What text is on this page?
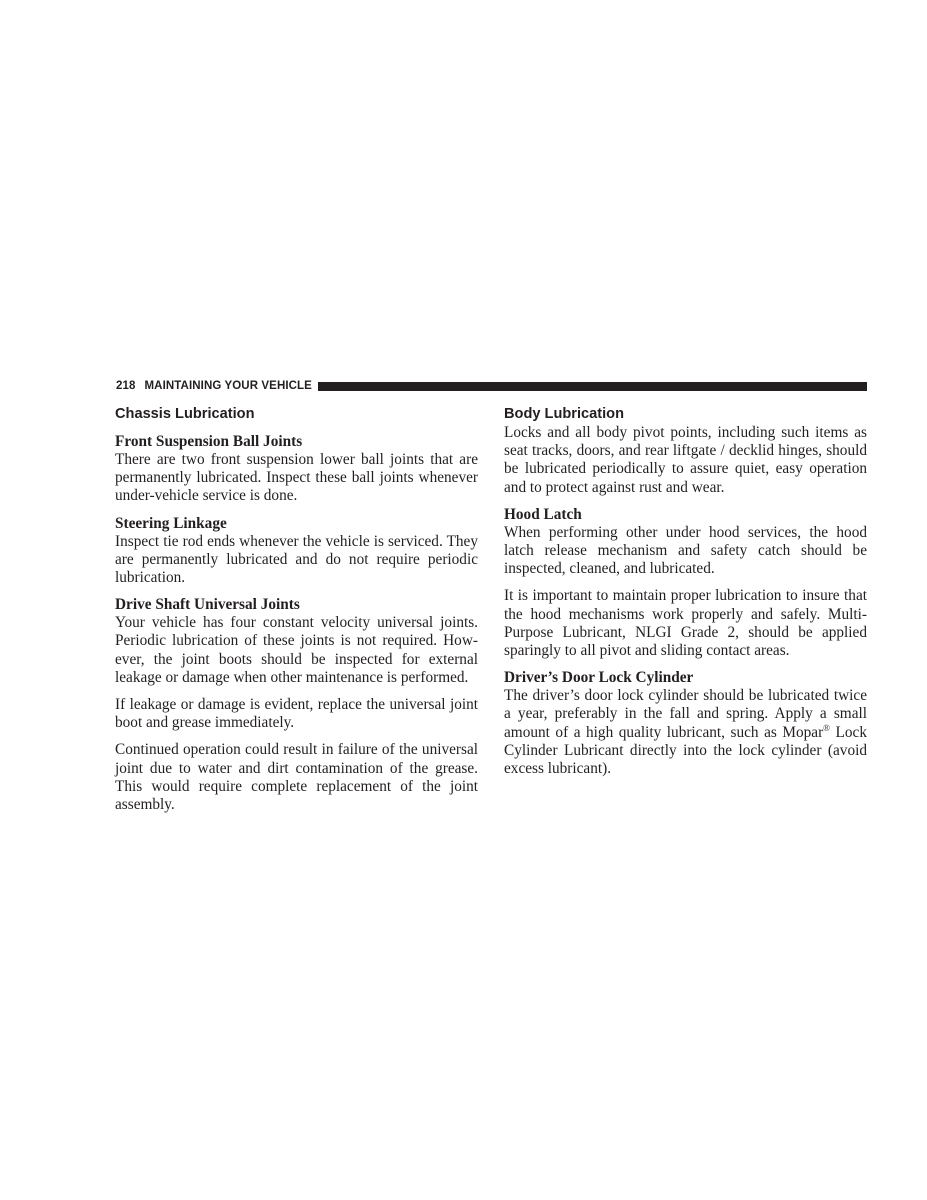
218 MAINTAINING YOUR VEHICLE
Chassis Lubrication
Front Suspension Ball Joints

There are two front suspension lower ball joints that are permanently lubricated. Inspect these ball joints whenever under-vehicle service is done.

Steering Linkage

Inspect tie rod ends whenever the vehicle is serviced. They are permanently lubricated and do not require periodic lubrication.

Drive Shaft Universal Joints

Your vehicle has four constant velocity universal joints. Periodic lubrication of these joints is not required. However, the joint boots should be inspected for external leakage or damage when other maintenance is performed.

If leakage or damage is evident, replace the universal joint boot and grease immediately.

Continued operation could result in failure of the universal joint due to water and dirt contamination of the grease. This would require complete replacement of the joint assembly.

Body Lubrication

Locks and all body pivot points, including such items as seat tracks, doors, and rear liftgate / decklid hinges, should be lubricated periodically to assure quiet, easy operation and to protect against rust and wear.

Hood Latch

When performing other under hood services, the hood latch release mechanism and safety catch should be inspected, cleaned, and lubricated.

It is important to maintain proper lubrication to insure that the hood mechanisms work properly and safely. Multi-Purpose Lubricant, NLGI Grade 2, should be applied sparingly to all pivot and sliding contact areas.

Driver’s Door Lock Cylinder

The driver’s door lock cylinder should be lubricated twice a year, preferably in the fall and spring. Apply a small amount of a high quality lubricant, such as Mopar® Lock Cylinder Lubricant directly into the lock cylinder (avoid excess lubricant).
